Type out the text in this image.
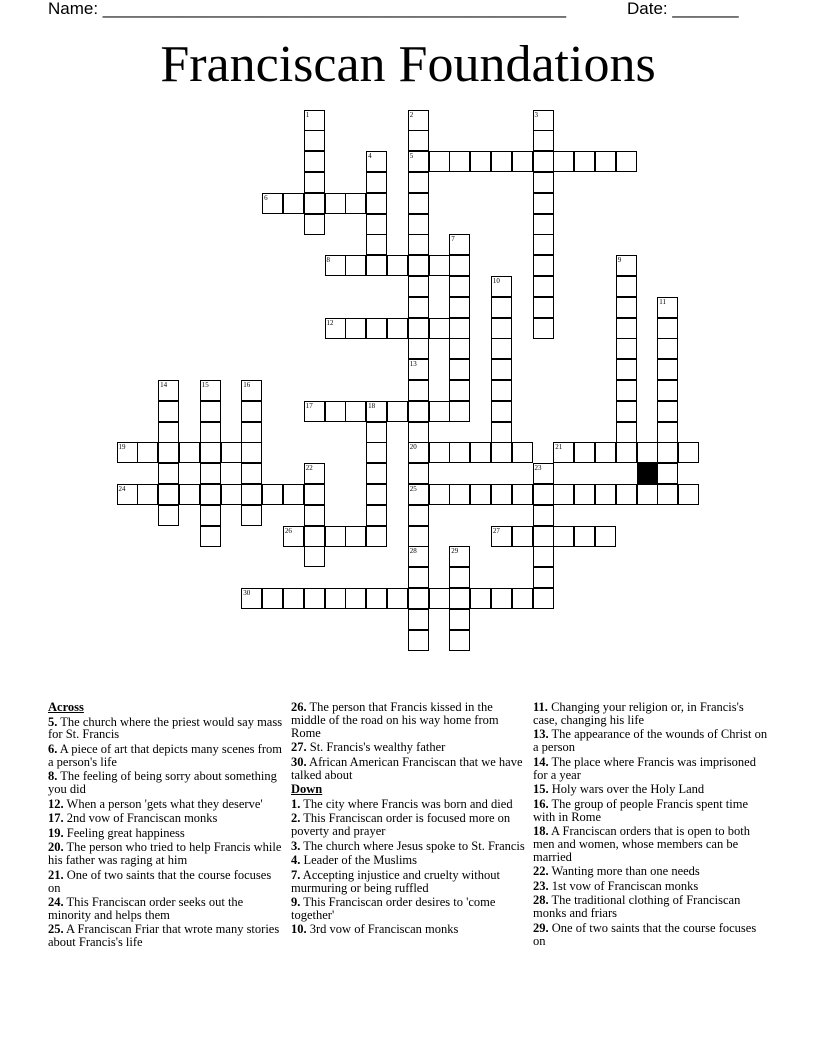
Name: _________________________________________________	Date: _______
Franciscan Foundations
1	2	3
4	5
6
7
8	9
10
11
12
13
14	15	16
17	18
19	20	21
22	23
24	25
26	27
28	29
30
Across
5. The church where the priest would say mass for St. Francis
6. A piece of art that depicts many scenes from a person's life
8. The feeling of being sorry about something you did
12. When a person 'gets what they deserve'
17. 2nd vow of Franciscan monks
19. Feeling great happiness
20. The person who tried to help Francis while his father was raging at him
21. One of two saints that the course focuses on
24. This Franciscan order seeks out the minority and helps them
25. A Franciscan Friar that wrote many stories about Francis's life
26. The person that Francis kissed in the middle of the road on his way home from Rome
27. St. Francis's wealthy father
30. African American Franciscan that we have talked about
Down
1. The city where Francis was born and died
2. This Franciscan order is focused more on poverty and prayer
3. The church where Jesus spoke to St. Francis
4. Leader of the Muslims
7. Accepting injustice and cruelty without murmuring or being ruffled
9. This Franciscan order desires to 'come together'
10. 3rd vow of Franciscan monks
11. Changing your religion or, in Francis's case, changing his life
13. The appearance of the wounds of Christ on a person
14. The place where Francis was imprisoned for a year
15. Holy wars over the Holy Land
16. The group of people Francis spent time with in Rome
18. A Franciscan orders that is open to both men and women, whose members can be married
22. Wanting more than one needs
23. 1st vow of Franciscan monks
28. The traditional clothing of Franciscan monks and friars
29. One of two saints that the course focuses on
